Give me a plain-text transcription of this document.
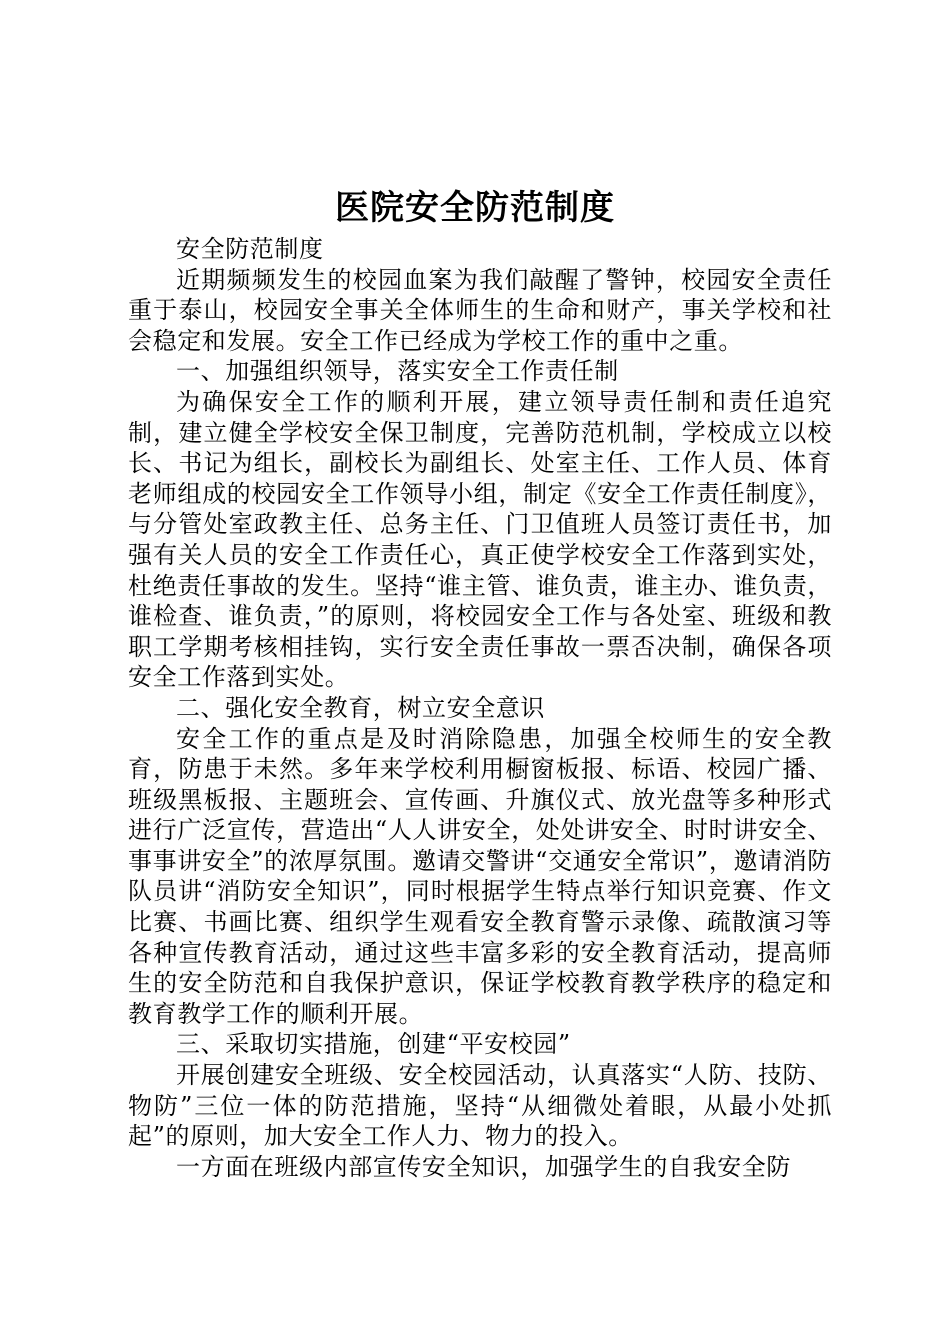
医院安全防范制度

安全防范制度

近期频频发生的校园血案为我们敲醒了警钟，校园安全责任重于泰山，校园安全事关全体师生的生命和财产，事关学校和社会稳定和发展。安全工作已经成为学校工作的重中之重。

一、加强组织领导，落实安全工作责任制

为确保安全工作的顺利开展，建立领导责任制和责任追究制，建立健全学校安全保卫制度，完善防范机制，学校成立以校长、书记为组长，副校长为副组长、处室主任、工作人员、体育老师组成的校园安全工作领导小组，制定《安全工作责任制度》，与分管处室政教主任、总务主任、门卫值班人员签订责任书，加强有关人员的安全工作责任心，真正使学校安全工作落到实处，杜绝责任事故的发生。坚持“谁主管、谁负责，谁主办、谁负责，谁检查、谁负责，”的原则，将校园安全工作与各处室、班级和教职工学期考核相挂钩，实行安全责任事故一票否决制，确保各项安全工作落到实处。

二、强化安全教育，树立安全意识

安全工作的重点是及时消除隐患，加强全校师生的安全教育，防患于未然。多年来学校利用橱窗板报、标语、校园广播、班级黑板报、主题班会、宣传画、升旗仪式、放光盘等多种形式进行广泛宣传，营造出“人人讲安全，处处讲安全、时时讲安全、事事讲安全”的浓厚氛围。邀请交警讲“交通安全常识”，邀请消防队员讲“消防安全知识”，同时根据学生特点举行知识竞赛、作文比赛、书画比赛、组织学生观看安全教育警示录像、疏散演习等各种宣传教育活动，通过这些丰富多彩的安全教育活动，提高师生的安全防范和自我保护意识，保证学校教育教学秩序的稳定和教育教学工作的顺利开展。

三、采取切实措施，创建“平安校园”

开展创建安全班级、安全校园活动，认真落实“人防、技防、物防”三位一体的防范措施，坚持“从细微处着眼，从最小处抓起”的原则，加大安全工作人力、物力的投入。

一方面在班级内部宣传安全知识，加强学生的自我安全防
